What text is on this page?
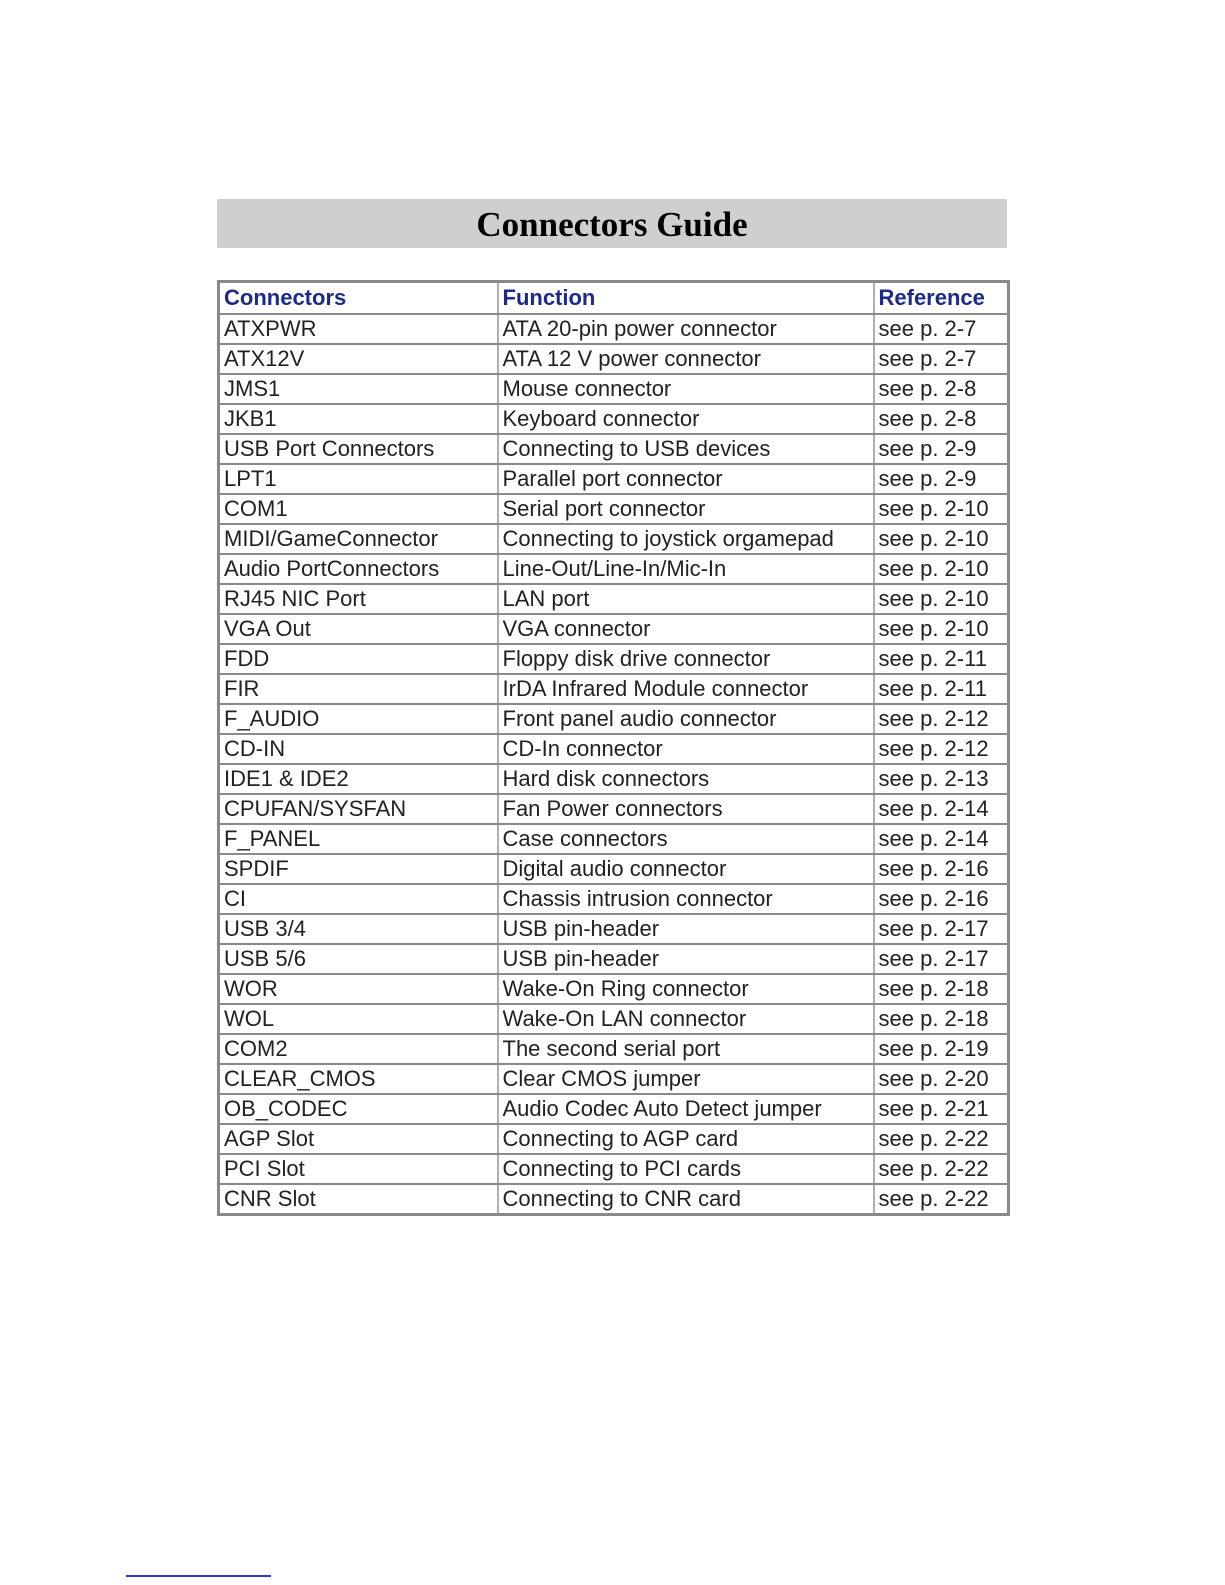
Connectors Guide
Connectors	Function	Reference
ATXPWR	ATA 20-pin power connector	see p. 2-7
ATX12V	ATA 12 V power connector	see p. 2-7
JMS1	Mouse connector	see p. 2-8
JKB1	Keyboard connector	see p. 2-8
USB Port Connectors	Connecting to USB devices	see p. 2-9
LPT1	Parallel port connector	see p. 2-9
COM1	Serial port connector	see p. 2-10
MIDI/GameConnector	Connecting to joystick orgamepad	see p. 2-10
Audio PortConnectors	Line-Out/Line-In/Mic-In	see p. 2-10
RJ45 NIC Port	LAN port	see p. 2-10
VGA Out	VGA connector	see p. 2-10
FDD	Floppy disk drive connector	see p. 2-11
FIR	IrDA Infrared Module connector	see p. 2-11
F_AUDIO	Front panel audio connector	see p. 2-12
CD-IN	CD-In connector	see p. 2-12
IDE1 & IDE2	Hard disk connectors	see p. 2-13
CPUFAN/SYSFAN	Fan Power connectors	see p. 2-14
F_PANEL	Case connectors	see p. 2-14
SPDIF	Digital audio connector	see p. 2-16
CI	Chassis intrusion connector	see p. 2-16
USB 3/4	USB pin-header	see p. 2-17
USB 5/6	USB pin-header	see p. 2-17
WOR	Wake-On Ring connector	see p. 2-18
WOL	Wake-On LAN connector	see p. 2-18
COM2	The second serial port	see p. 2-19
CLEAR_CMOS	Clear CMOS jumper	see p. 2-20
OB_CODEC	Audio Codec Auto Detect jumper	see p. 2-21
AGP Slot	Connecting to AGP card	see p. 2-22
PCI Slot	Connecting to PCI cards	see p. 2-22
CNR Slot	Connecting to CNR card	see p. 2-22
